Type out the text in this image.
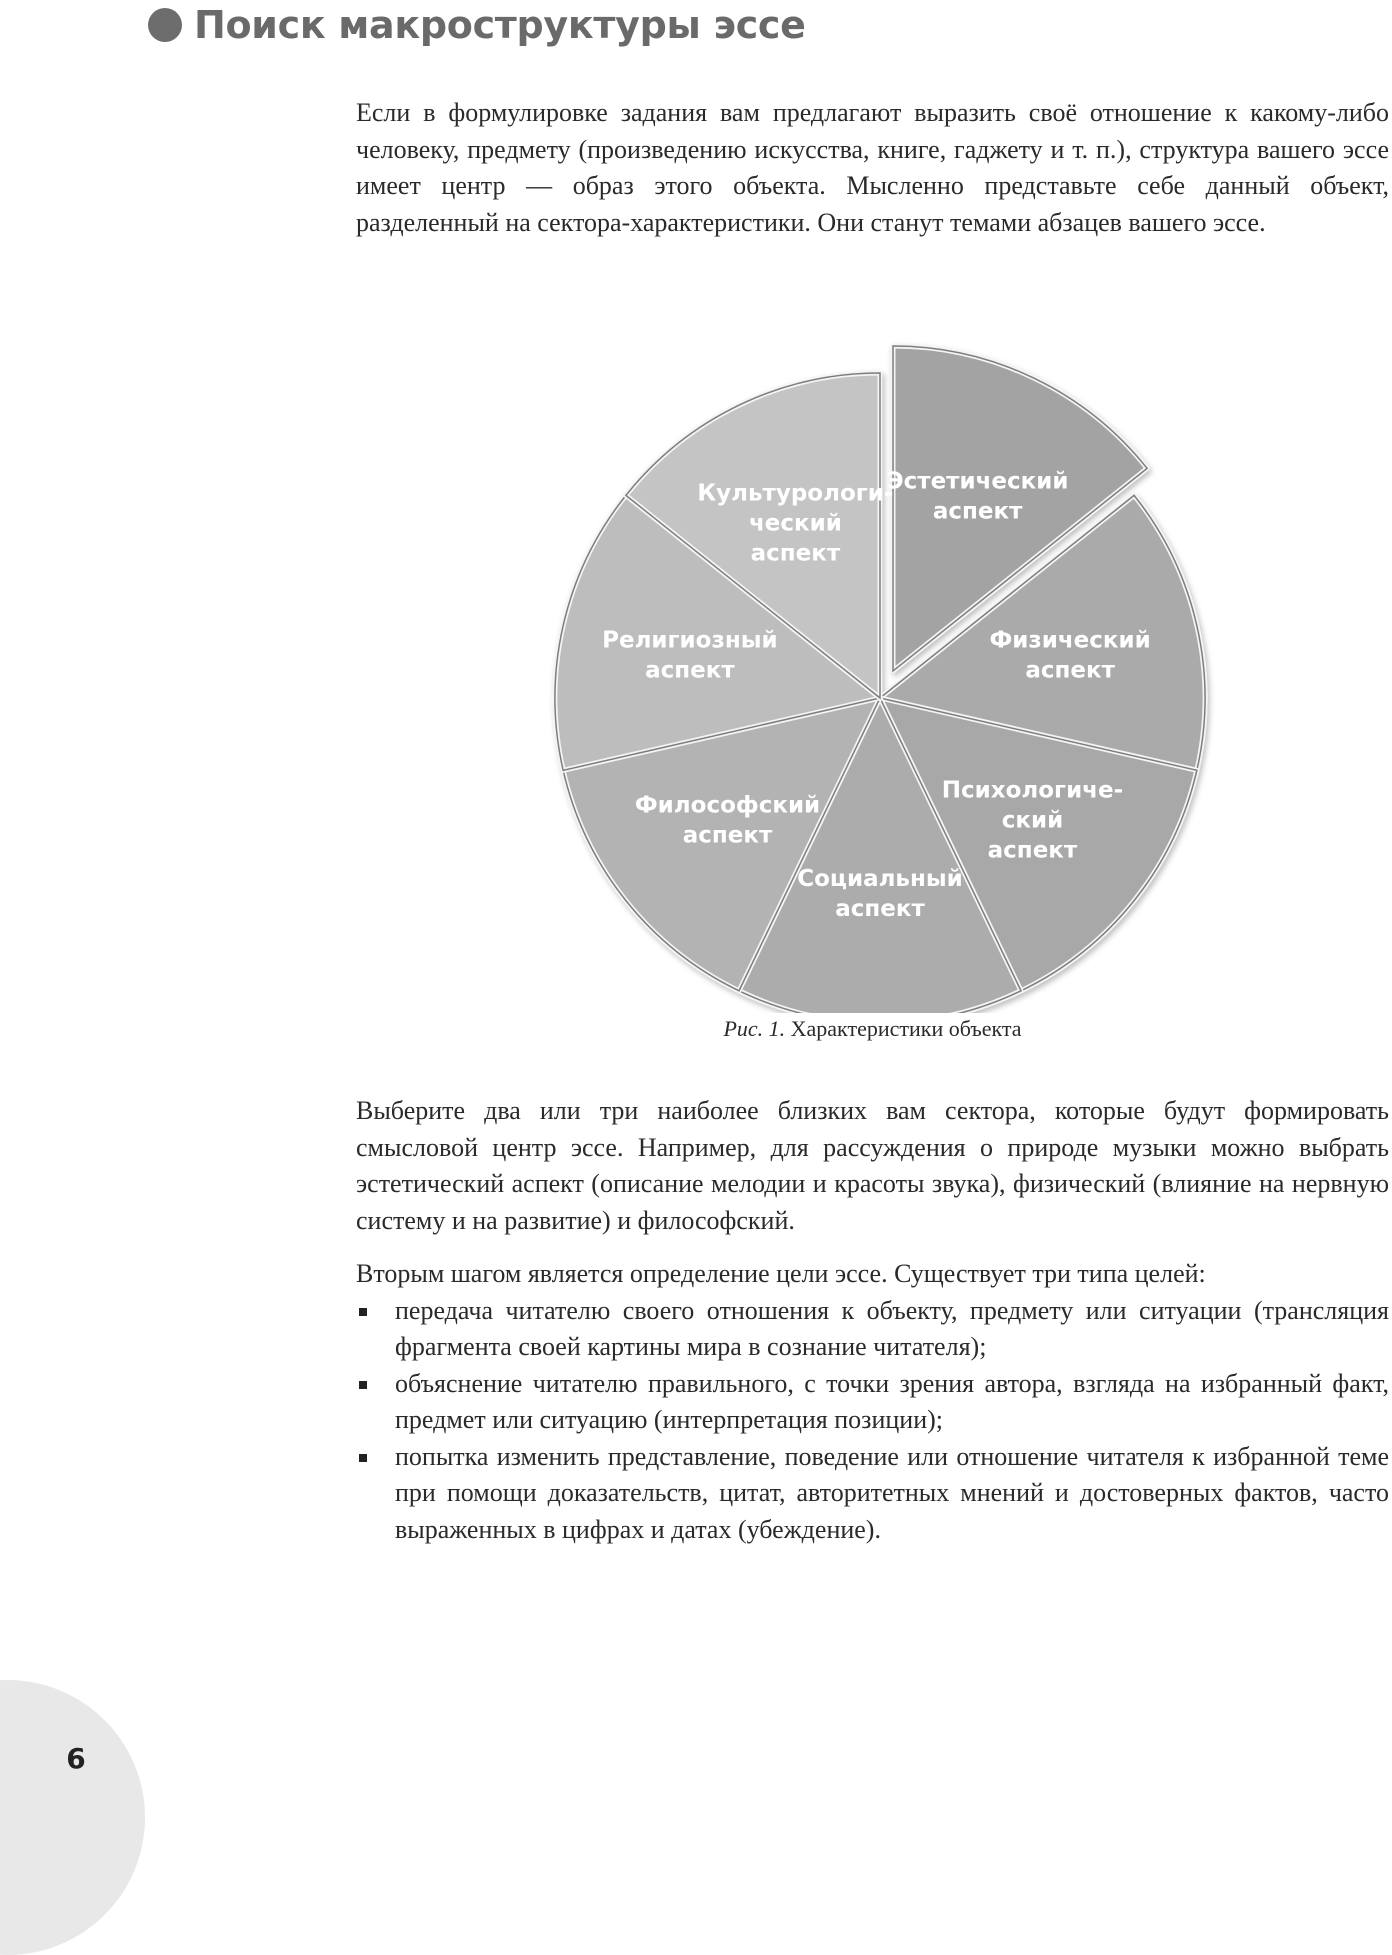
Поиск макроструктуры эссе

Если в формулировке задания вам предлагают выразить своё отношение к какому-либо человеку, предмету (произведению искусства, книге, гаджету и т. п.), структура вашего эссе имеет центр — образ этого объекта. Мысленно представьте себе данный объект, разделенный на сектора-характеристики. Они станут темами абзацев вашего эссе.

Эстетический аспект
Физический аспект
Психологиче-ский аспект
Социальный аспект
Философский аспект
Религиозный аспект
Культурологи-ческий аспект
Рис. 1. Характеристики объекта

Выберите два или три наиболее близких вам сектора, которые будут формировать смысловой центр эссе. Например, для рассуждения о природе музыки можно выбрать эстетический аспект (описание мелодии и красоты звука), физический (влияние на нервную систему и на развитие) и философский.

Вторым шагом является определение цели эссе. Существует три типа целей:

передача читателю своего отношения к объекту, предмету или ситуации (трансляция фрагмента своей картины мира в сознание читателя);
объяснение читателю правильного, с точки зрения автора, взгляда на избранный факт, предмет или ситуацию (интерпретация позиции);
попытка изменить представление, поведение или отношение читателя к избранной теме при помощи доказательств, цитат, авторитетных мнений и достоверных фактов, часто выраженных в цифрах и датах (убеждение).
6
